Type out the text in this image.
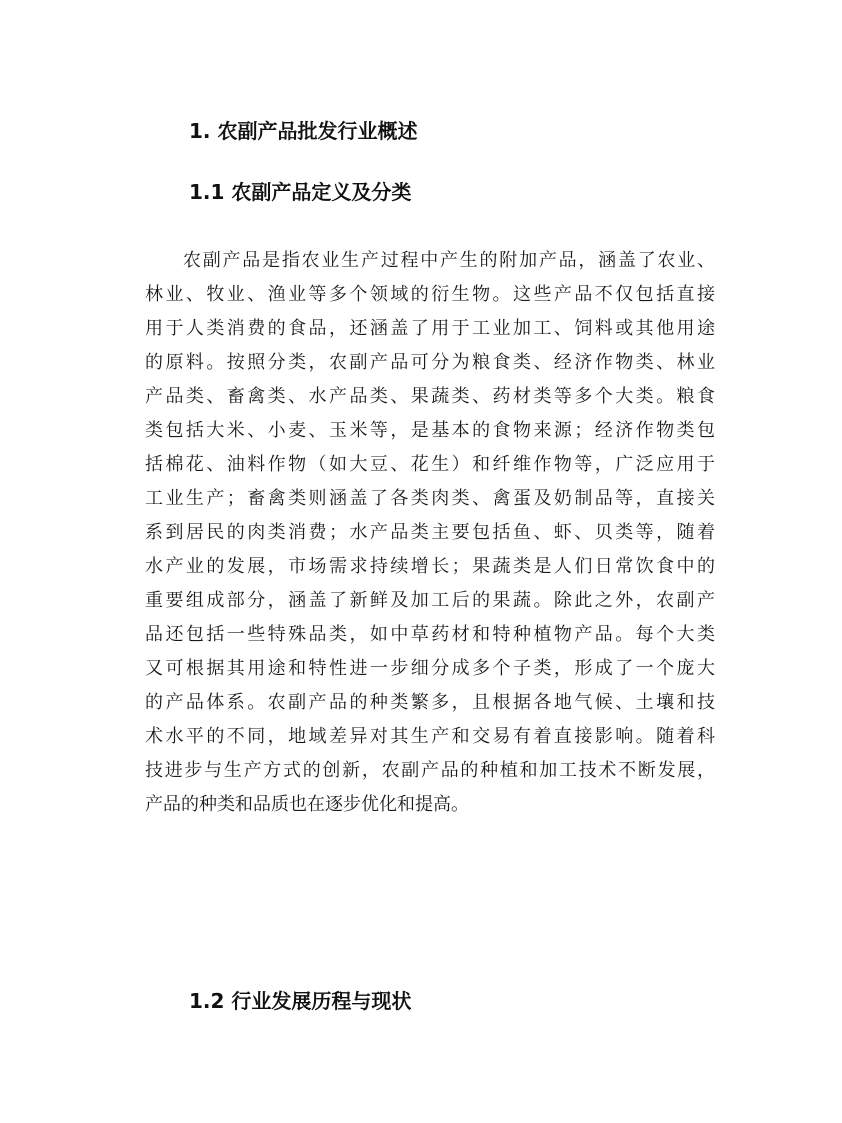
1. 农副产品批发行业概述
1.1 农副产品定义及分类

农副产品是指农业生产过程中产生的附加产品，涵盖了农业、
林业、牧业、渔业等多个领域的衍生物。这些产品不仅包括直接
用于人类消费的食品，还涵盖了用于工业加工、饲料或其他用途
的原料。按照分类，农副产品可分为粮食类、经济作物类、林业
产品类、畜禽类、水产品类、果蔬类、药材类等多个大类。粮食
类包括大米、小麦、玉米等，是基本的食物来源；经济作物类包
括棉花、油料作物（如大豆、花生）和纤维作物等，广泛应用于
工业生产；畜禽类则涵盖了各类肉类、禽蛋及奶制品等，直接关
系到居民的肉类消费；水产品类主要包括鱼、虾、贝类等，随着
水产业的发展，市场需求持续增长；果蔬类是人们日常饮食中的
重要组成部分，涵盖了新鲜及加工后的果蔬。除此之外，农副产
品还包括一些特殊品类，如中草药材和特种植物产品。每个大类
又可根据其用途和特性进一步细分成多个子类，形成了一个庞大
的产品体系。农副产品的种类繁多，且根据各地气候、土壤和技
术水平的不同，地域差异对其生产和交易有着直接影响。随着科
技进步与生产方式的创新，农副产品的种植和加工技术不断发展，
产品的种类和品质也在逐步优化和提高。

1.2 行业发展历程与现状
